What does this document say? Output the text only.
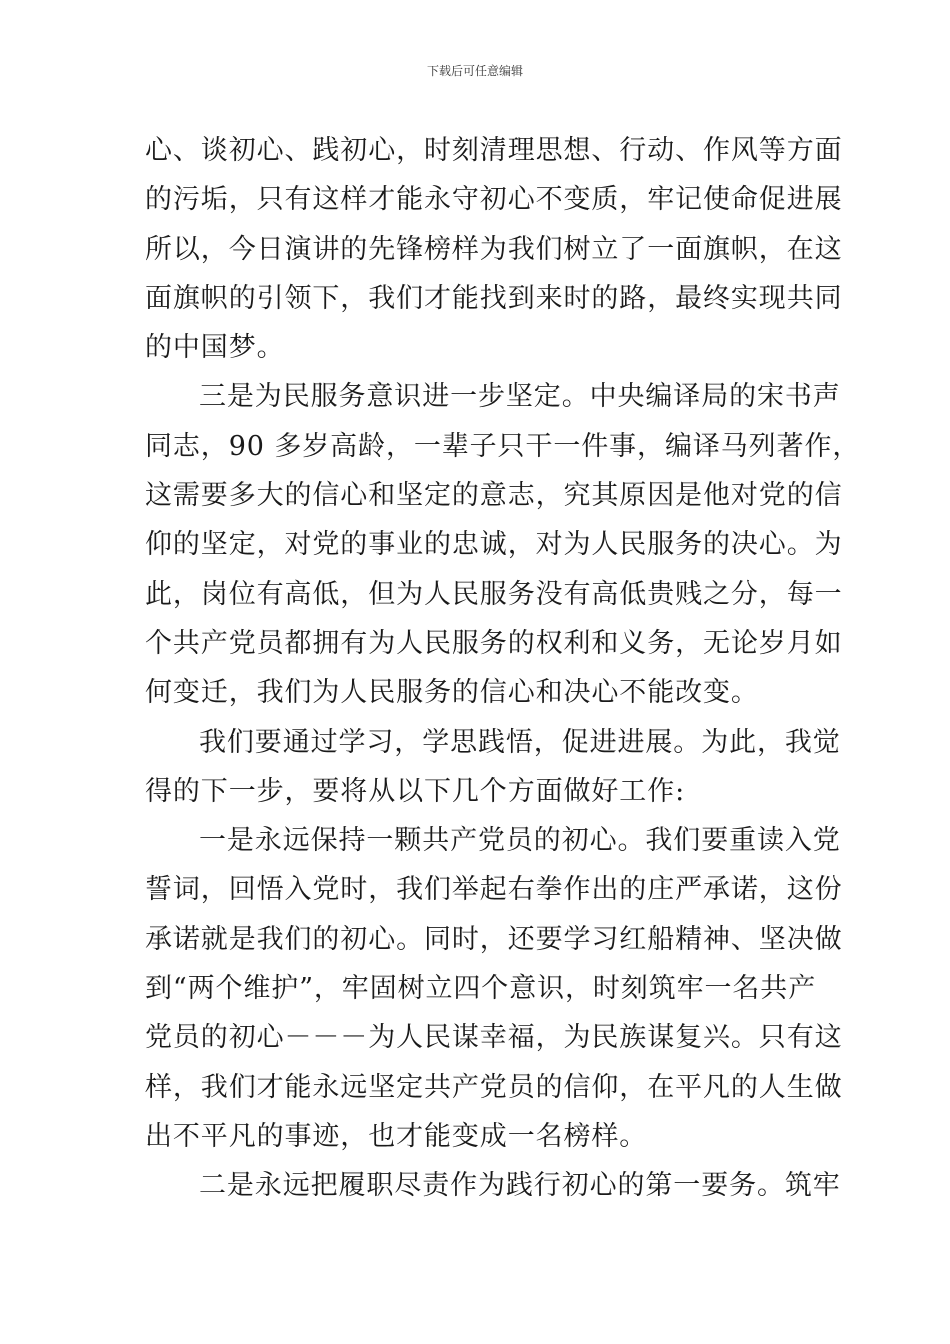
下载后可任意编辑
心、谈初心、践初心，时刻清理思想、行动、作风等方面
的污垢，只有这样才能永守初心不变质，牢记使命促进展
所以，今日演讲的先锋榜样为我们树立了一面旗帜，在这
面旗帜的引领下，我们才能找到来时的路，最终实现共同
的中国梦。
三是为民服务意识进一步坚定。中央编译局的宋书声
同志，90 多岁高龄，一辈子只干一件事，编译马列著作，
这需要多大的信心和坚定的意志，究其原因是他对党的信
仰的坚定，对党的事业的忠诚，对为人民服务的决心。为
此，岗位有高低，但为人民服务没有高低贵贱之分，每一
个共产党员都拥有为人民服务的权利和义务，无论岁月如
何变迁，我们为人民服务的信心和决心不能改变。
我们要通过学习，学思践悟，促进进展。为此，我觉
得的下一步，要将从以下几个方面做好工作:
一是永远保持一颗共产党员的初心。我们要重读入党
誓词，回悟入党时，我们举起右拳作出的庄严承诺，这份
承诺就是我们的初心。同时，还要学习红船精神、坚决做
到“两个维护”，牢固树立四个意识，时刻筑牢一名共产
党员的初心－－－为人民谋幸福，为民族谋复兴。只有这
样，我们才能永远坚定共产党员的信仰，在平凡的人生做
出不平凡的事迹，也才能变成一名榜样。
二是永远把履职尽责作为践行初心的第一要务。筑牢
